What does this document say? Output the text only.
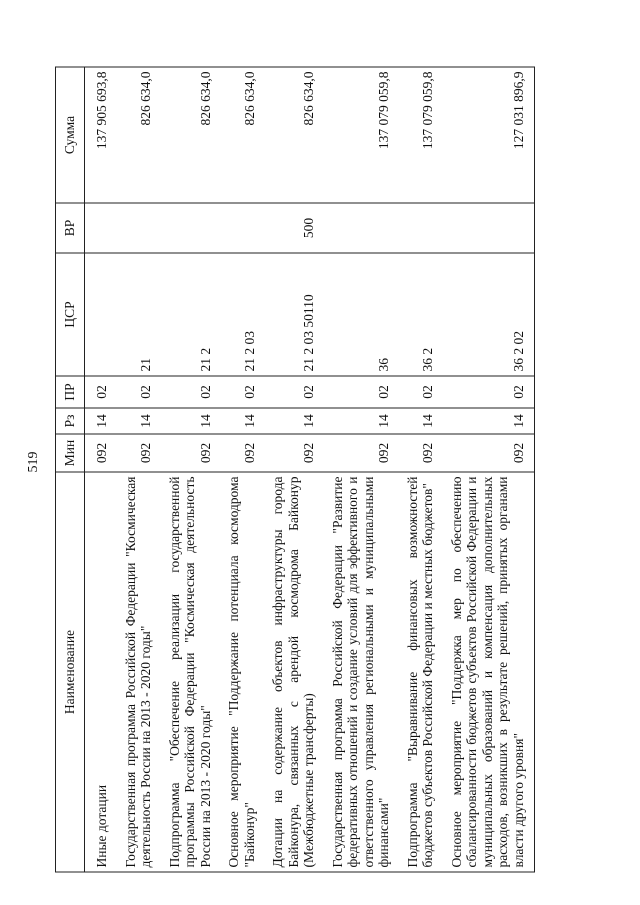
519
Наименование	Мин	Рз	ПР	ЦСР	ВР	Сумма
Иные дотации	092	14	02			137 905 693,8
Государственная программа Российской Федерации "Космическая деятельность России на 2013 - 2020 годы"	092	14	02	21		826 634,0
Подпрограмма "Обеспечение реализации государственной программы Российской Федерации "Космическая деятельность России на 2013 - 2020 годы"	092	14	02	21 2		826 634,0
Основное мероприятие "Поддержание потенциала космодрома "Байконур"	092	14	02	21 2 03		826 634,0
Дотации на содержание объектов инфраструктуры города Байконура, связанных с арендой космодрома Байконур (Межбюджетные трансферты)	092	14	02	21 2 03 50110	500	826 634,0
Государственная программа Российской Федерации "Развитие федеративных отношений и создание условий для эффективного и ответственного управления региональными и муниципальными финансами"	092	14	02	36		137 079 059,8
Подпрограмма "Выравнивание финансовых возможностей бюджетов субъектов Российской Федерации и местных бюджетов"	092	14	02	36 2		137 079 059,8
Основное мероприятие "Поддержка мер по обеспечению сбалансированности бюджетов субъектов Российской Федерации и муниципальных образований и компенсация дополнительных расходов, возникших в результате решений, принятых органами власти другого уровня"	092	14	02	36 2 02		127 031 896,9
